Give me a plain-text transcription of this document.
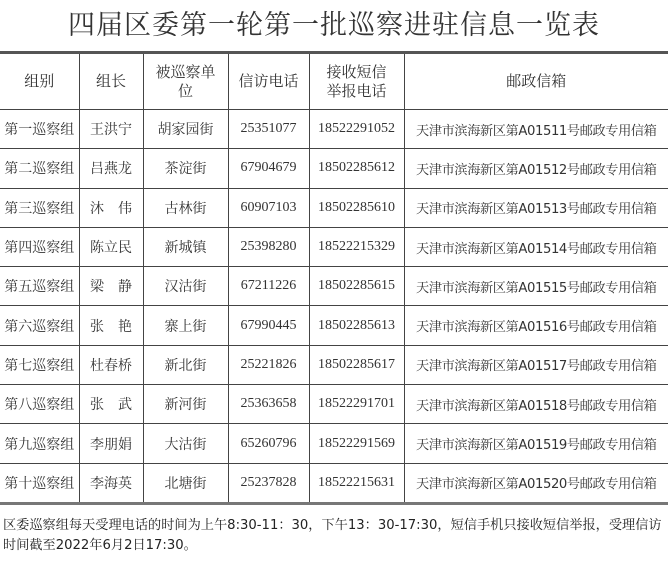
四届区委第一轮第一批巡察进驻信息一览表
组别	组长	被巡察单位	信访电话	接收短信举报电话	邮政信箱
第一巡察组	王洪宁	胡家园街	25351077	18522291052	天津市滨海新区第A01511号邮政专用信箱
第二巡察组	吕燕龙	茶淀街	67904679	18502285612	天津市滨海新区第A01512号邮政专用信箱
第三巡察组	沐　伟	古林街	60907103	18502285610	天津市滨海新区第A01513号邮政专用信箱
第四巡察组	陈立民	新城镇	25398280	18522215329	天津市滨海新区第A01514号邮政专用信箱
第五巡察组	梁　静	汉沽街	67211226	18502285615	天津市滨海新区第A01515号邮政专用信箱
第六巡察组	张　艳	寨上街	67990445	18502285613	天津市滨海新区第A01516号邮政专用信箱
第七巡察组	杜春桥	新北街	25221826	18502285617	天津市滨海新区第A01517号邮政专用信箱
第八巡察组	张　武	新河街	25363658	18522291701	天津市滨海新区第A01518号邮政专用信箱
第九巡察组	李朋娟	大沽街	65260796	18522291569	天津市滨海新区第A01519号邮政专用信箱
第十巡察组	李海英	北塘街	25237828	18522215631	天津市滨海新区第A01520号邮政专用信箱
区委巡察组每天受理电话的时间为上午8:30-11：30，下午13：30-17:30，短信手机只接收短信举报，受理信访时间截至2022年6月2日17:30。
